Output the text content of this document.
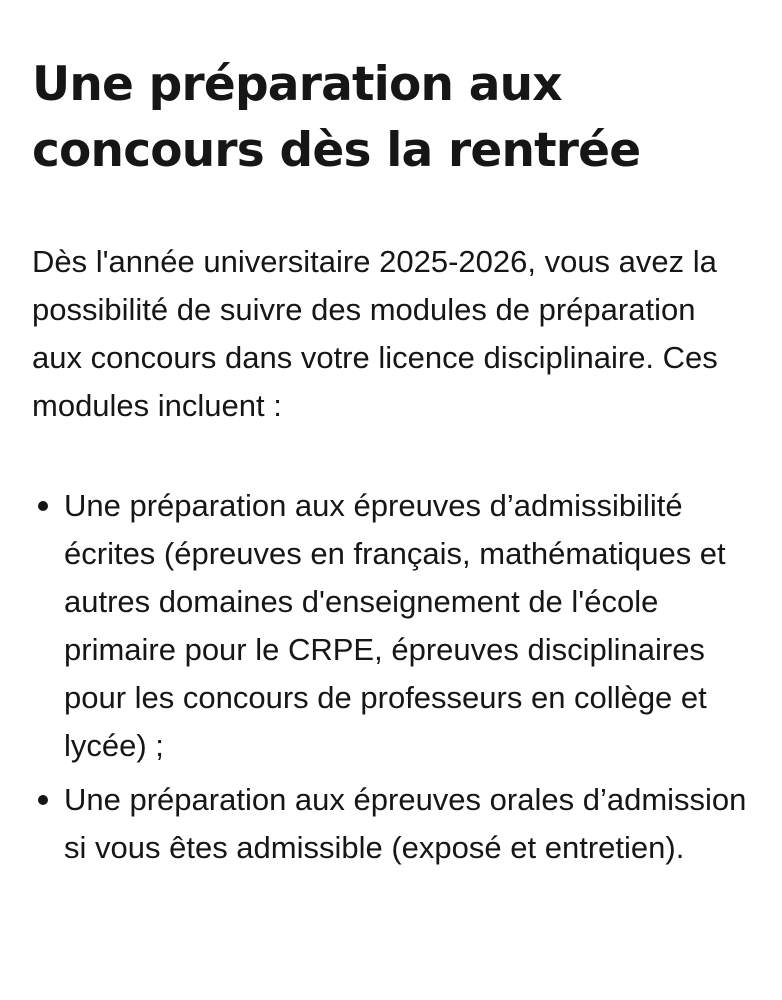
Une préparation aux concours dès la rentrée

Dès l'année universitaire 2025-2026, vous avez la possibilité de suivre des modules de préparation aux concours dans votre licence disciplinaire. Ces modules incluent :

Une préparation aux épreuves d’admissibilité écrites (épreuves en français, mathématiques et autres domaines d'enseignement de l'école primaire pour le CRPE, épreuves disciplinaires pour les concours de professeurs en collège et lycée) ;
Une préparation aux épreuves orales d’admission si vous êtes admissible (exposé et entretien).
